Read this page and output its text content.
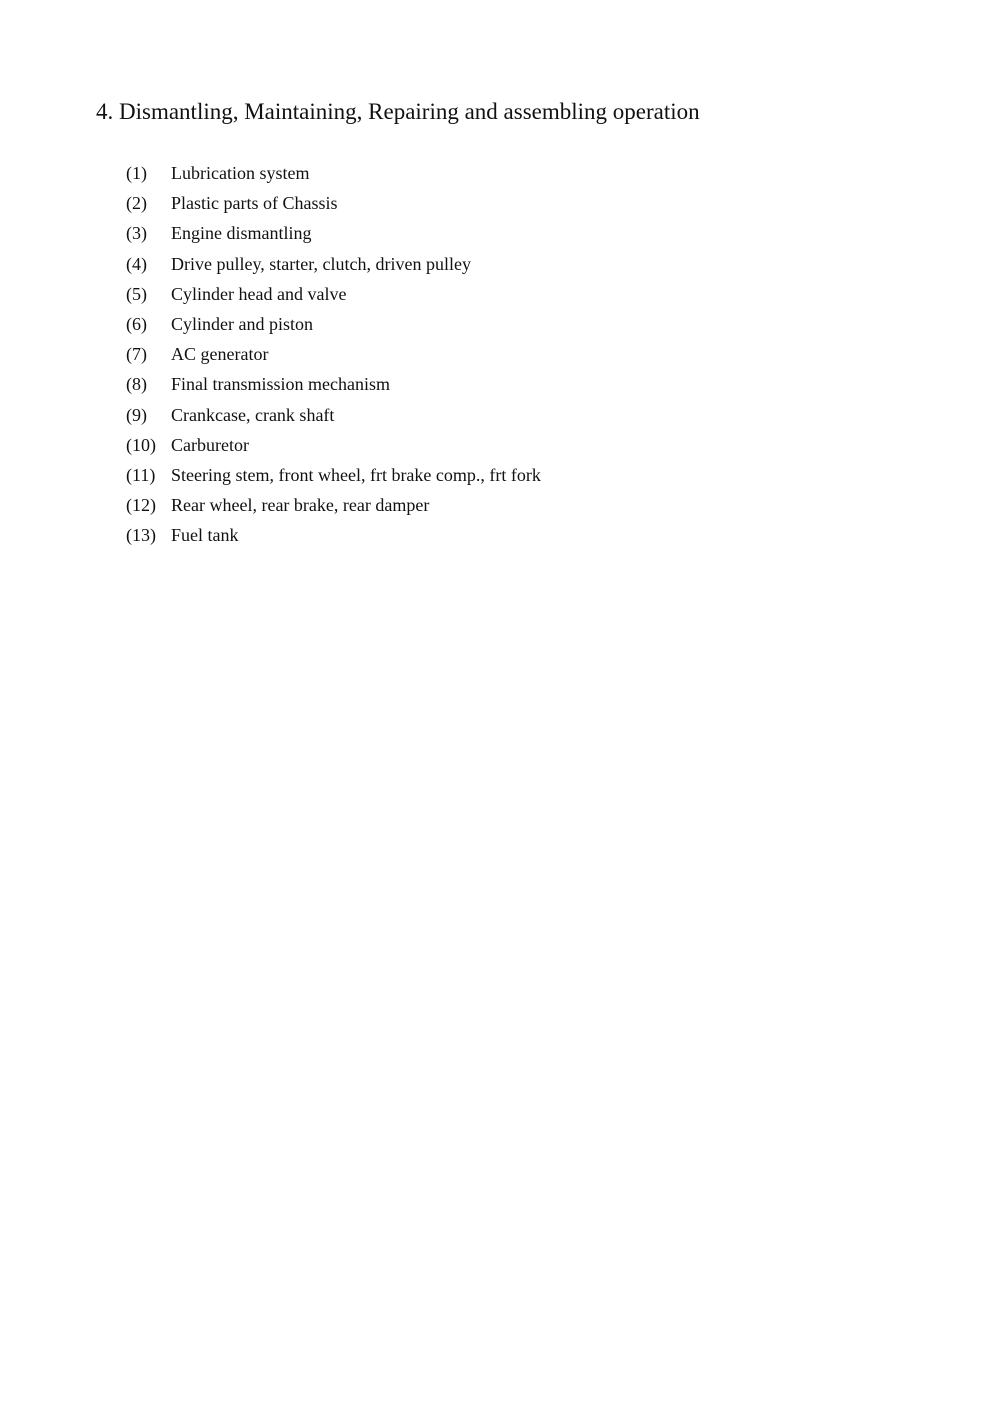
4. Dismantling, Maintaining, Repairing and assembling operation
(1) Lubrication system
(2) Plastic parts of Chassis
(3) Engine dismantling
(4) Drive pulley, starter, clutch, driven pulley
(5) Cylinder head and valve
(6) Cylinder and piston
(7) AC generator
(8) Final transmission mechanism
(9) Crankcase, crank shaft
(10) Carburetor
(11) Steering stem, front wheel, frt brake comp., frt fork
(12) Rear wheel, rear brake, rear damper
(13) Fuel tank
